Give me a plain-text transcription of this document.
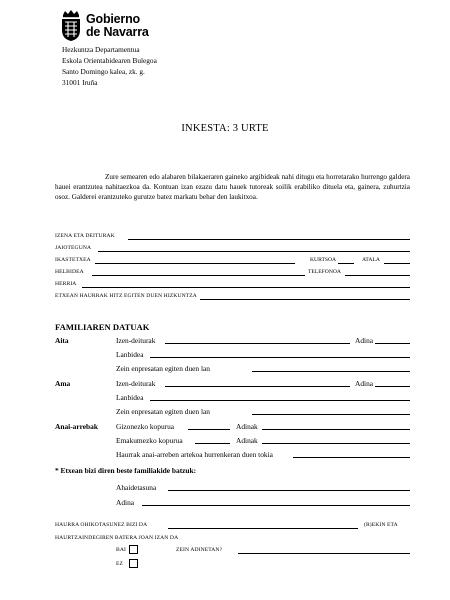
Gobierno
de Navarra
Hezkuntza Departamentua
Eskola Orientabidearen Bulegoa
Santo Domingo kalea, zk. g.
31001 Iruña
INKESTA: 3 URTE

Zure semearen edo alabaren bilakaeraren gaineko argibideak nahi ditugu eta horretarako hurrengo galdera hauei erantzutea nahitaezkoa da. Kontuan izan ezazu datu hauek tutoreak soilik erabiliko dituela eta, gainera, zuhurtzia osoz. Galderei erantzuteko gurutze batez markatu behar den laukitxoa.

IZENA ETA DEITURAK
JAIOTEGUNA
IKASTETXEA	KURTSOA	ATALA
HELBIDEA	TELEFONOA
HERRIA
ETXEAN HAURRAK HITZ EGITEN DUEN HIZKUNTZA
FAMILIAREN DATUAK
Aita	Izen-deiturak	Adina
Lanbidea
Zein enpresatan egiten duen lan
Ama	Izen-deiturak	Adina
Lanbidea
Zein enpresatan egiten duen lan
Anai-arrebak Gizonezko kopurua	Adinak
Emakumezko kopurua	Adinak
Haurrak anai-arreben artekoa hurrenkeran duen tokia
* Etxean bizi diren beste familiakide batzuk:
Ahaidetasuna
Adina
HAURRA OHIKOTASUNEZ BIZI DA	(R)EKIN ETA
HAURTZAINDEGIREN BATERA JOAN IZAN DA
BAI	ZEIN ADINETAN?
EZ
